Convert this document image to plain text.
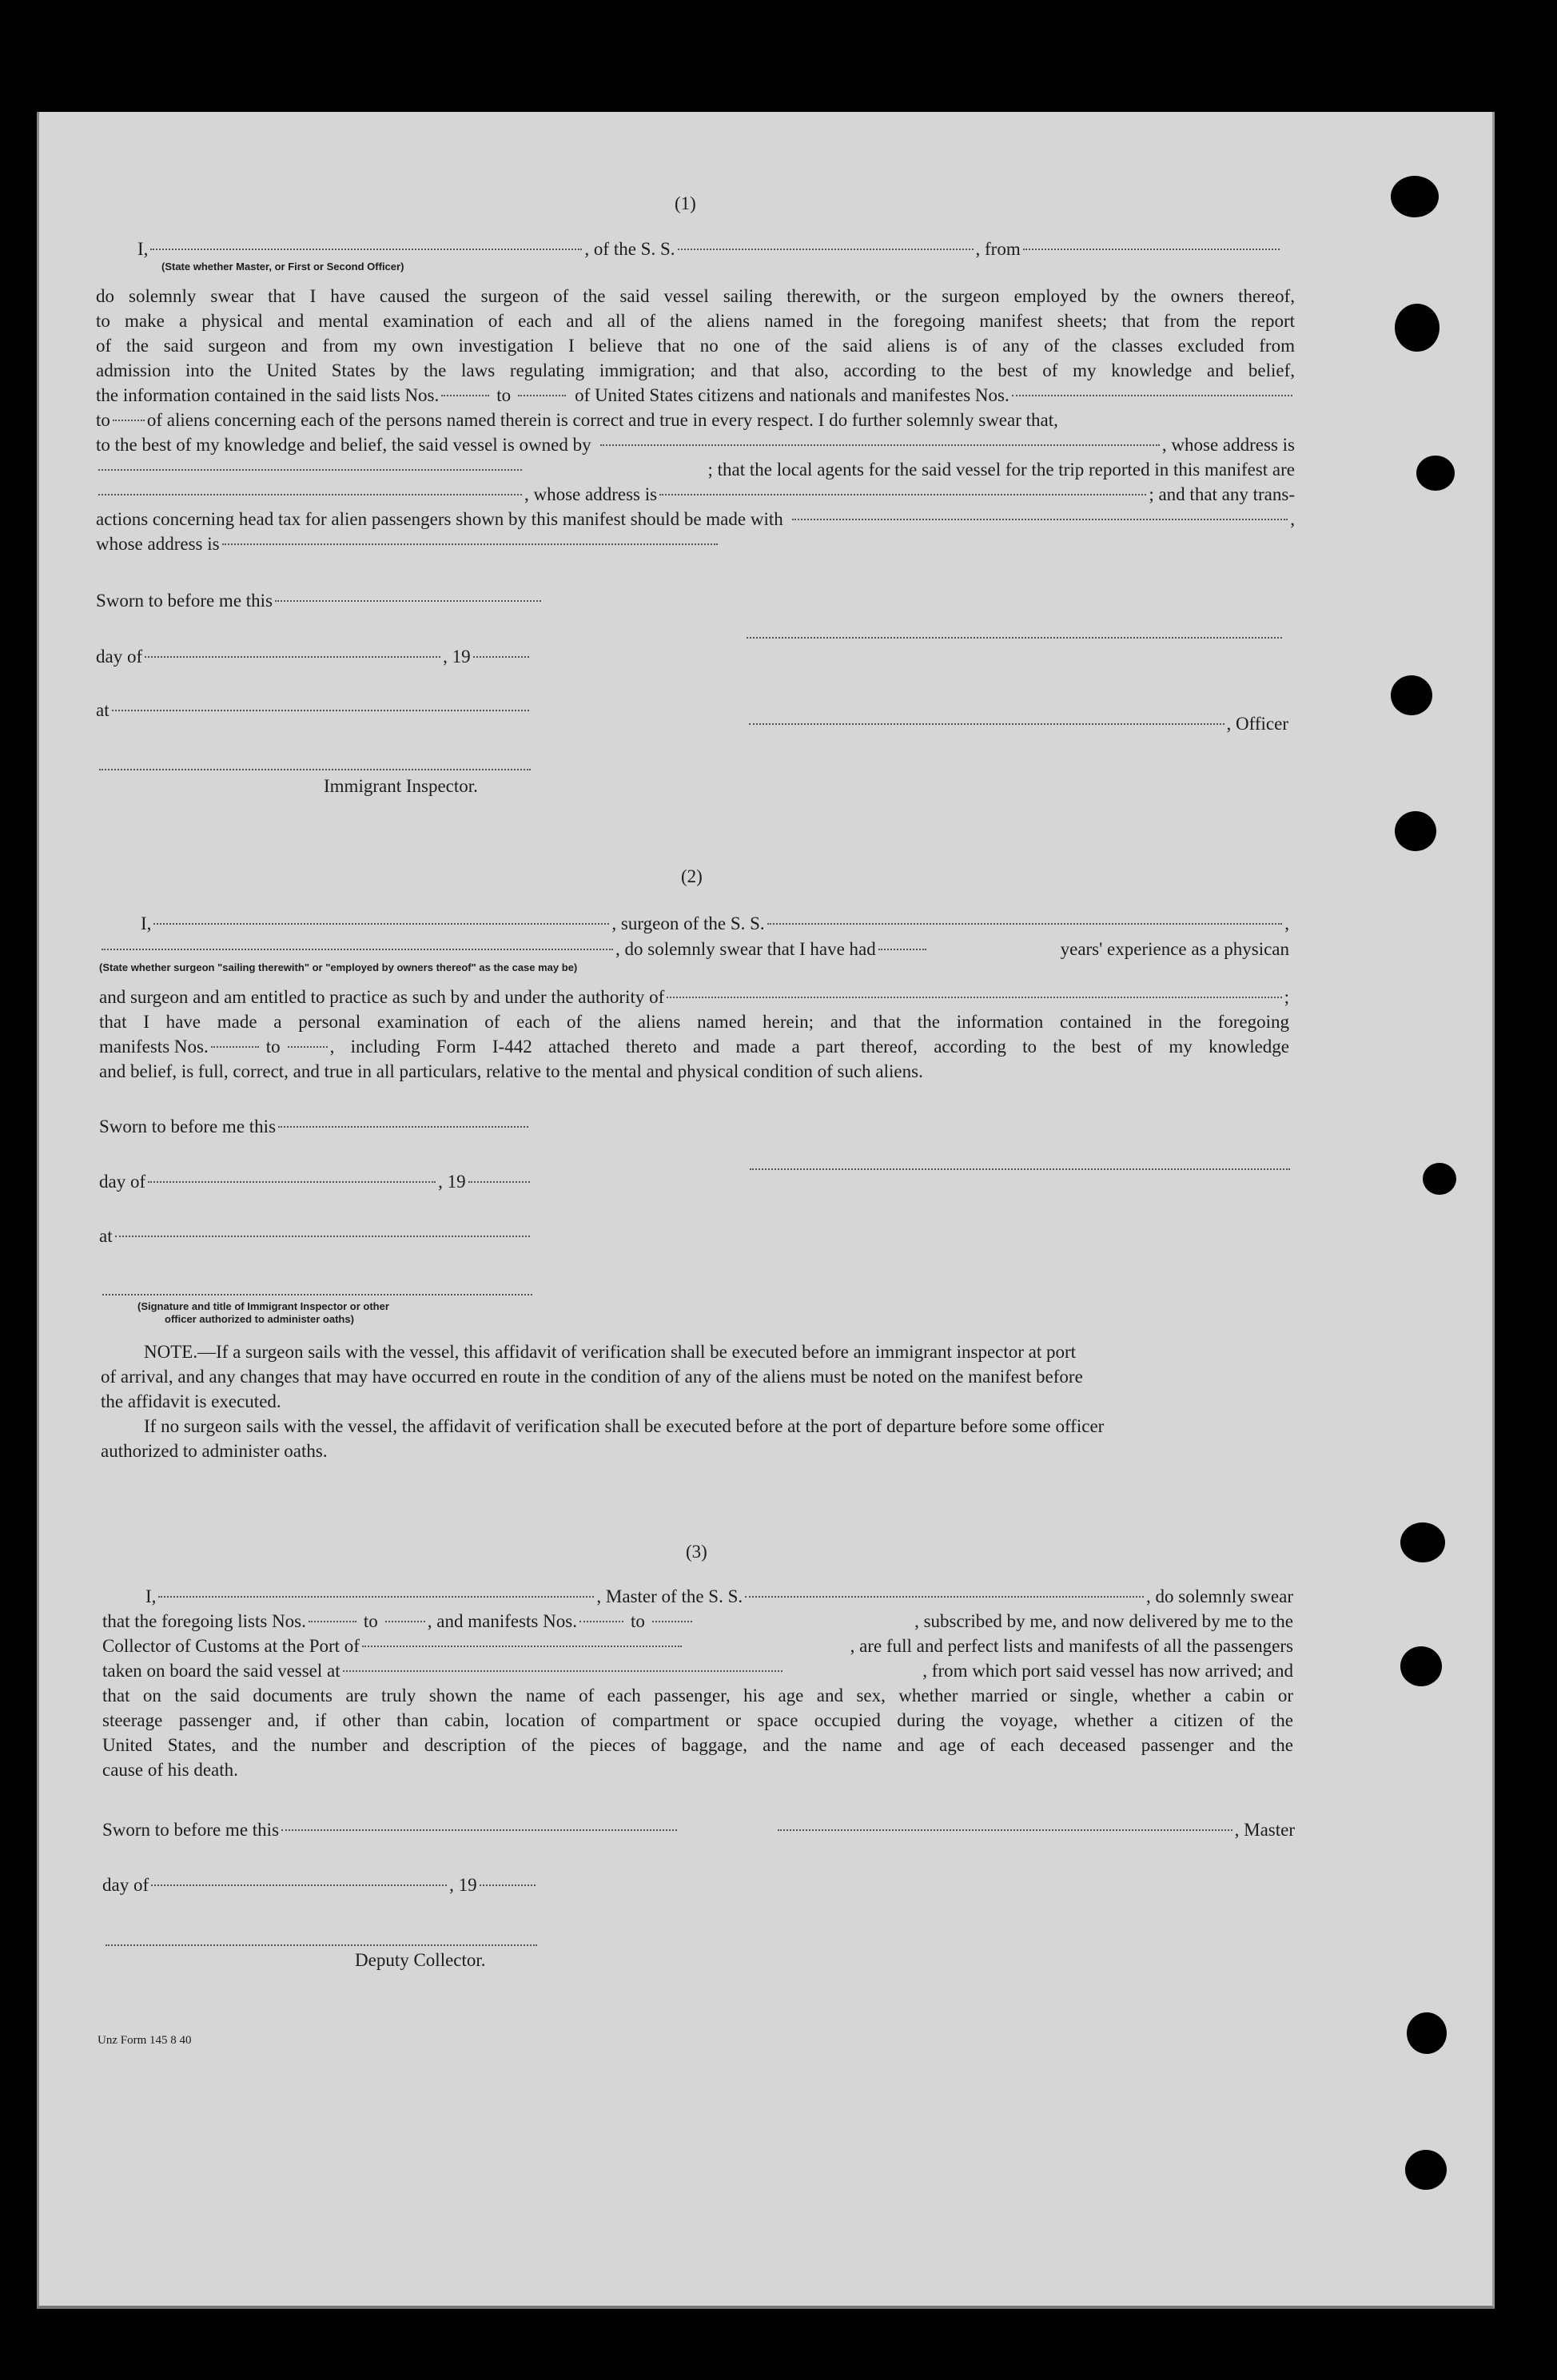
(1)
I,	, of the S. S.	, from
(State whether Master, or First or Second Officer)
do solemnly swear that I have caused the surgeon of the said vessel sailing therewith, or the surgeon employed by the owners thereof,
to make a physical and mental examination of each and all of the aliens named in the foregoing manifest sheets; that from the report
of the said surgeon and from my own investigation I believe that no one of the said aliens is of any of the classes excluded from
admission into the United States by the laws regulating immigration; and that also, according to the best of my knowledge and belief,
the information contained in the said lists Nos.	to	of United States citizens and nationals and manifestes Nos.
to of aliens concerning each of the persons named therein is correct and true in every respect. I do further solemnly swear that,
to the best of my knowledge and belief, the said vessel is owned by	, whose address is
; that the local agents for the said vessel for the trip reported in this manifest are
, whose address is	; and that any trans-
actions concerning head tax for alien passengers shown by this manifest should be made with	,
whose address is
Sworn to before me this
day of	, 19
at
, Officer
Immigrant Inspector.
(2)
I,	, surgeon of the S. S.	,
, do solemnly swear that I have had	years' experience as a physican
(State whether surgeon "sailing therewith" or "employed by owners thereof" as the case may be)
and surgeon and am entitled to practice as such by and under the authority of	;
that I have made a personal examination of each of the aliens named herein; and that the information contained in the foregoing
manifests Nos.	to	, including Form I-442 attached thereto and made a part thereof, according to the best of my knowledge
and belief, is full, correct, and true in all particulars, relative to the mental and physical condition of such aliens.
Sworn to before me this
day of	, 19
at
(Signature and title of Immigrant Inspector or other
officer authorized to administer oaths)
NOTE.—If a surgeon sails with the vessel, this affidavit of verification shall be executed before an immigrant inspector at port
of arrival, and any changes that may have occurred en route in the condition of any of the aliens must be noted on the manifest before
the affidavit is executed.
If no surgeon sails with the vessel, the affidavit of verification shall be executed before at the port of departure before some officer
authorized to administer oaths.
(3)
I,	, Master of the S. S.	, do solemnly swear
that the foregoing lists Nos.	to	, and manifests Nos.	to	, subscribed by me, and now delivered by me to the
Collector of Customs at the Port of	, are full and perfect lists and manifests of all the passengers
taken on board the said vessel at	, from which port said vessel has now arrived; and
that on the said documents are truly shown the name of each passenger, his age and sex, whether married or single, whether a cabin or
steerage passenger and, if other than cabin, location of compartment or space occupied during the voyage, whether a citizen of the
United States, and the number and description of the pieces of baggage, and the name and age of each deceased passenger and the
cause of his death.
Sworn to before me this	, Master
day of	, 19
Deputy Collector.
Unz Form 145 8 40
